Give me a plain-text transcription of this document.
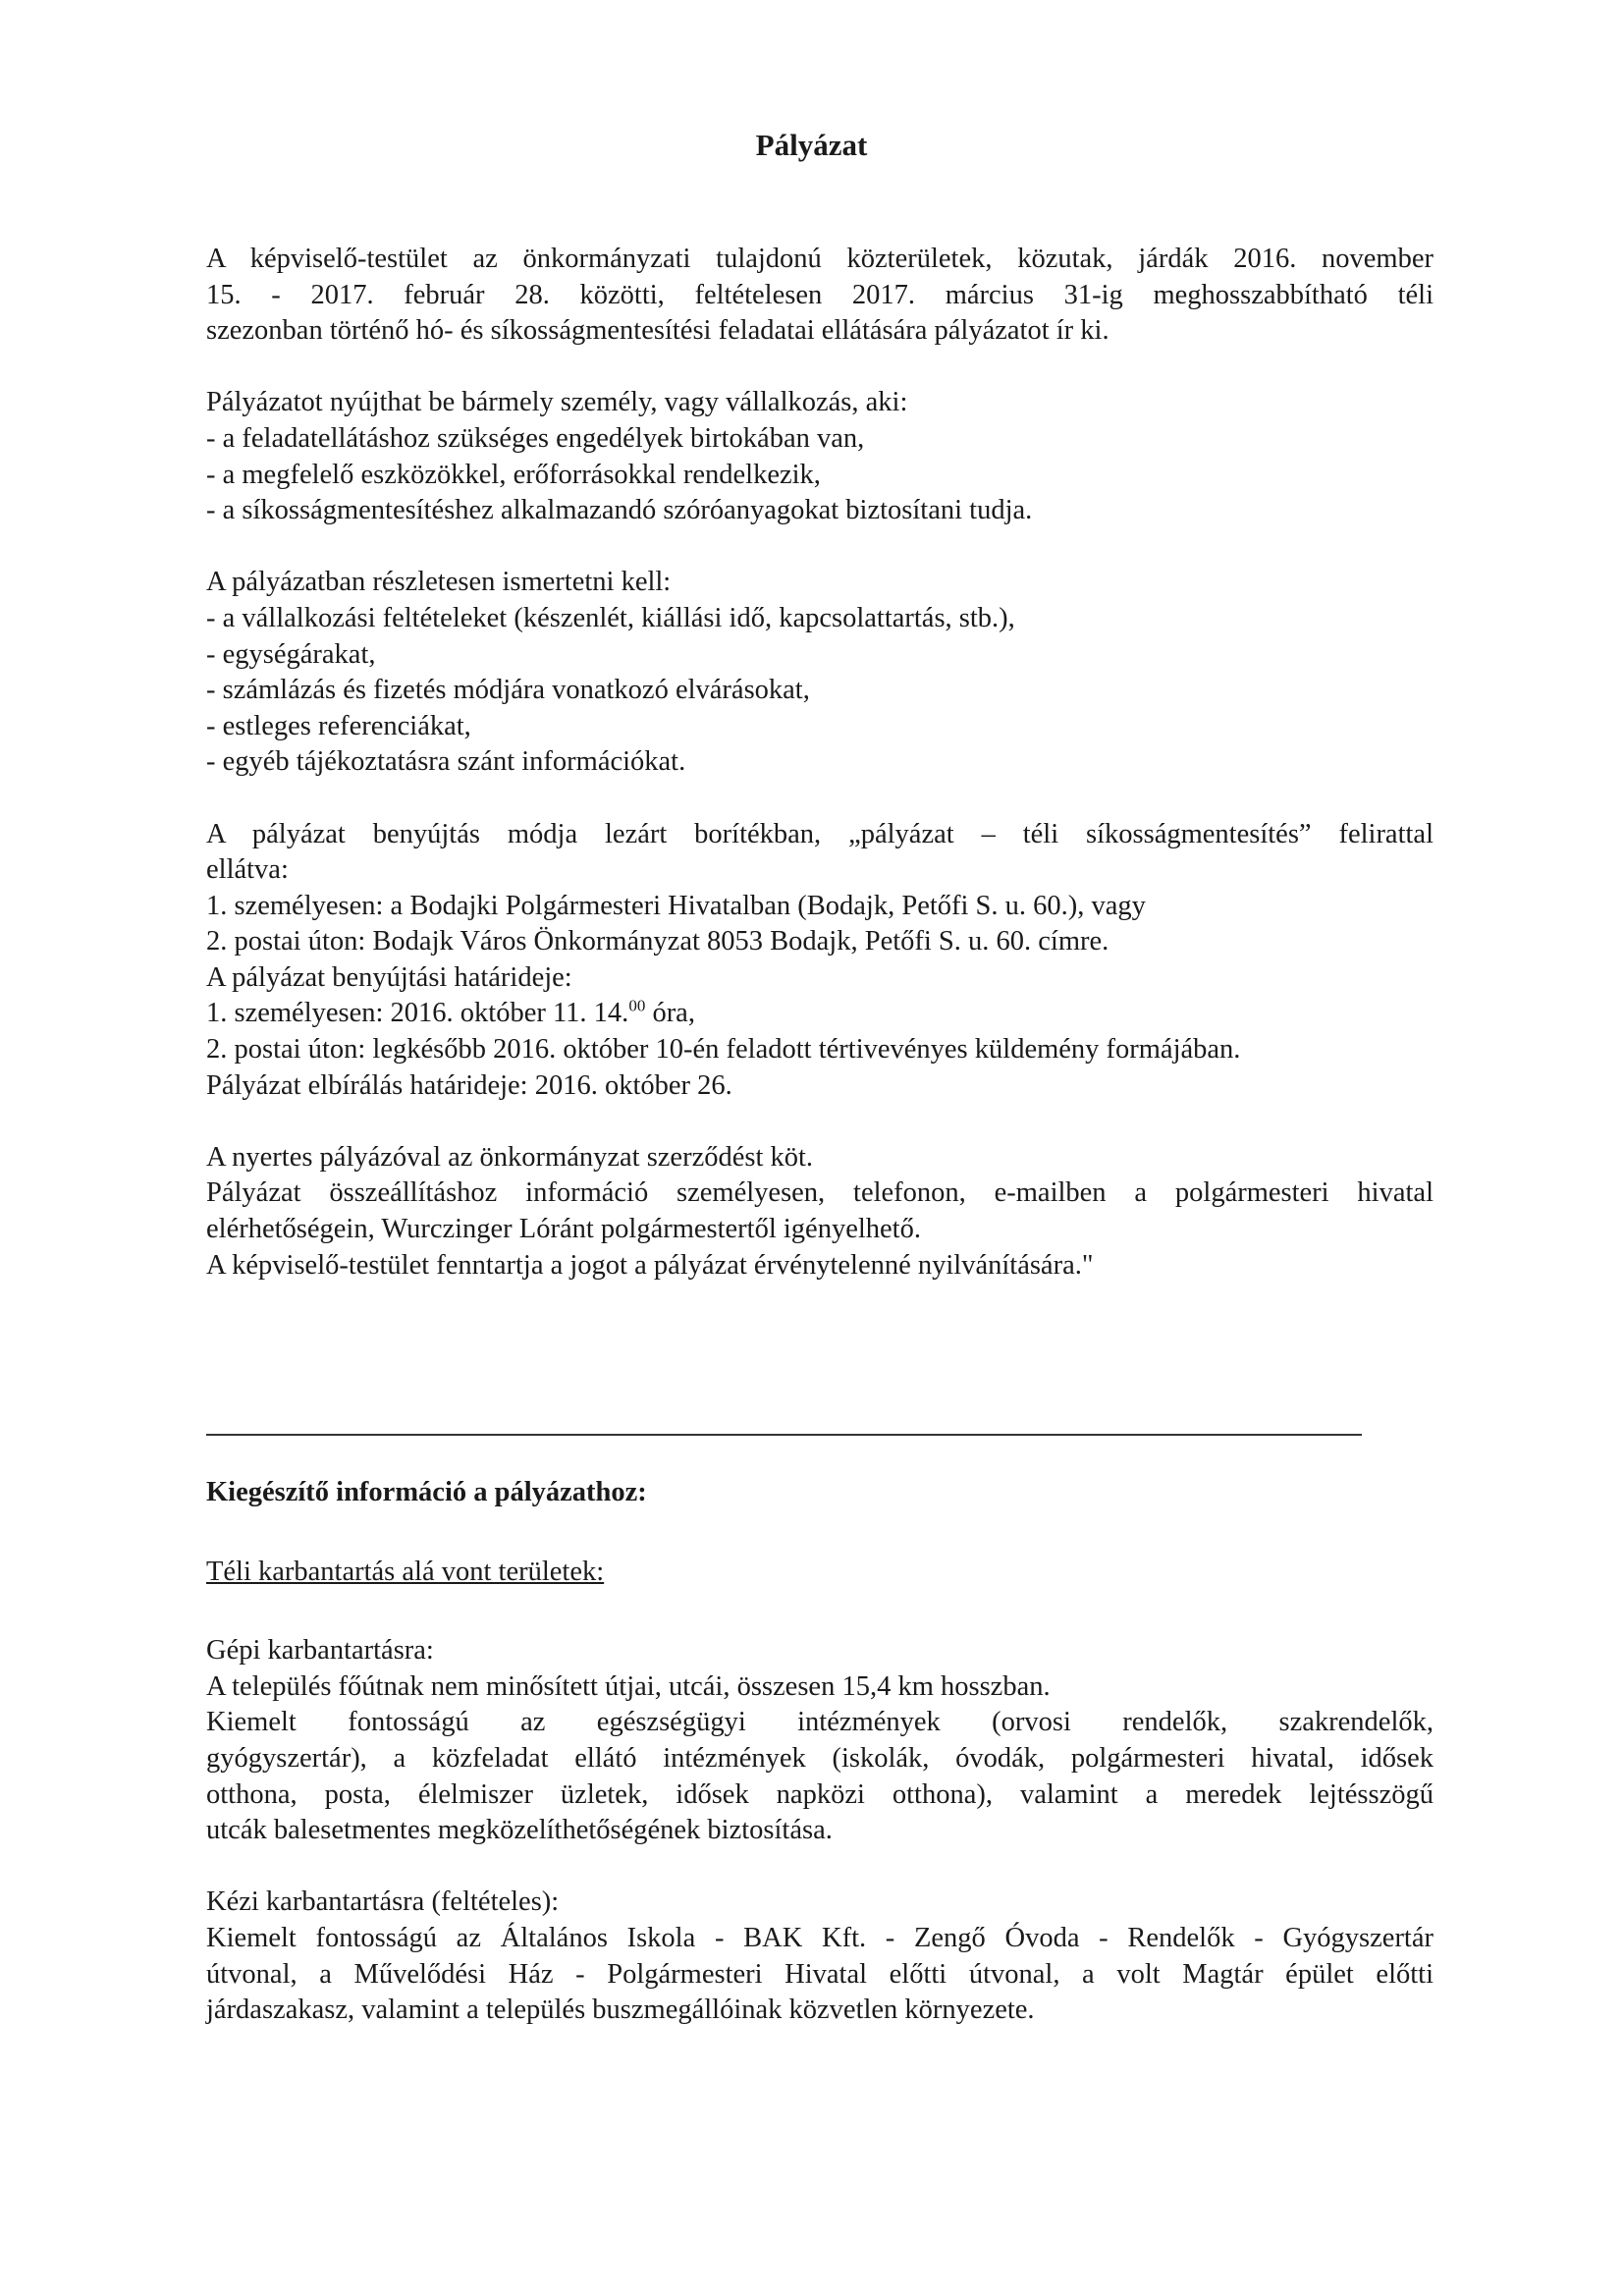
Pályázat
A képviselő-testület az önkormányzati tulajdonú közterületek, közutak, járdák 2016. november
15. - 2017. február 28. közötti, feltételesen 2017. március 31-ig meghosszabbítható téli
szezonban történő hó- és síkosságmentesítési feladatai ellátására pályázatot ír ki.
Pályázatot nyújthat be bármely személy, vagy vállalkozás, aki:
- a feladatellátáshoz szükséges engedélyek birtokában van,
- a megfelelő eszközökkel, erőforrásokkal rendelkezik,
- a síkosságmentesítéshez alkalmazandó szóróanyagokat biztosítani tudja.
A pályázatban részletesen ismertetni kell:
- a vállalkozási feltételeket (készenlét, kiállási idő, kapcsolattartás, stb.),
- egységárakat,
- számlázás és fizetés módjára vonatkozó elvárásokat,
- estleges referenciákat,
- egyéb tájékoztatásra szánt információkat.
A pályázat benyújtás módja lezárt borítékban, „pályázat – téli síkosságmentesítés” felirattal
ellátva:
1. személyesen: a Bodajki Polgármesteri Hivatalban (Bodajk, Petőfi S. u. 60.), vagy
2. postai úton: Bodajk Város Önkormányzat 8053 Bodajk, Petőfi S. u. 60. címre.
A pályázat benyújtási határideje:
1. személyesen: 2016. október 11. 14.00 óra,
2. postai úton: legkésőbb 2016. október 10-én feladott tértivevényes küldemény formájában.
Pályázat elbírálás határideje: 2016. október 26.
A nyertes pályázóval az önkormányzat szerződést köt.
Pályázat összeállításhoz információ személyesen, telefonon, e-mailben a polgármesteri hivatal
elérhetőségein, Wurczinger Lóránt polgármestertől igényelhető.
A képviselő-testület fenntartja a jogot a pályázat érvénytelenné nyilvánítására."
Kiegészítő információ a pályázathoz:
Téli karbantartás alá vont területek:
Gépi karbantartásra:
A település főútnak nem minősített útjai, utcái, összesen 15,4 km hosszban.
Kiemelt fontosságú az egészségügyi intézmények (orvosi rendelők, szakrendelők,
gyógyszertár), a közfeladat ellátó intézmények (iskolák, óvodák, polgármesteri hivatal, idősek
otthona, posta, élelmiszer üzletek, idősek napközi otthona), valamint a meredek lejtésszögű
utcák balesetmentes megközelíthetőségének biztosítása.
Kézi karbantartásra (feltételes):
Kiemelt fontosságú az Általános Iskola - BAK Kft. - Zengő Óvoda - Rendelők - Gyógyszertár
útvonal, a Művelődési Ház - Polgármesteri Hivatal előtti útvonal, a volt Magtár épület előtti
járdaszakasz, valamint a település buszmegállóinak közvetlen környezete.
